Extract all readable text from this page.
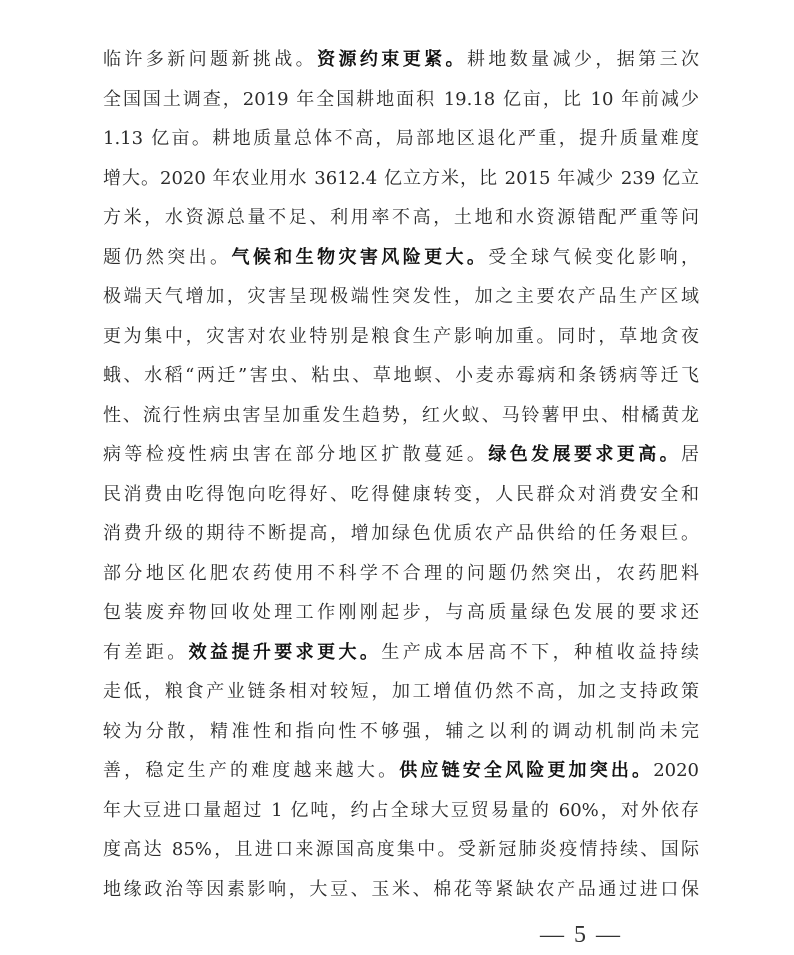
临许多新问题新挑战。资源约束更紧。耕地数量减少，据第三次
全国国土调查，2019 年全国耕地面积 19.18 亿亩，比 10 年前减少
1.13 亿亩。耕地质量总体不高，局部地区退化严重，提升质量难度
增大。2020 年农业用水 3612.4 亿立方米，比 2015 年减少 239 亿立
方米，水资源总量不足、利用率不高，土地和水资源错配严重等问
题仍然突出。气候和生物灾害风险更大。受全球气候变化影响，
极端天气增加，灾害呈现极端性突发性，加之主要农产品生产区域
更为集中，灾害对农业特别是粮食生产影响加重。同时，草地贪夜
蛾、水稻“两迁”害虫、粘虫、草地螟、小麦赤霉病和条锈病等迁飞
性、流行性病虫害呈加重发生趋势，红火蚁、马铃薯甲虫、柑橘黄龙
病等检疫性病虫害在部分地区扩散蔓延。绿色发展要求更高。居
民消费由吃得饱向吃得好、吃得健康转变，人民群众对消费安全和
消费升级的期待不断提高，增加绿色优质农产品供给的任务艰巨。
部分地区化肥农药使用不科学不合理的问题仍然突出，农药肥料
包装废弃物回收处理工作刚刚起步，与高质量绿色发展的要求还
有差距。效益提升要求更大。生产成本居高不下，种植收益持续
走低，粮食产业链条相对较短，加工增值仍然不高，加之支持政策
较为分散，精准性和指向性不够强，辅之以利的调动机制尚未完
善，稳定生产的难度越来越大。供应链安全风险更加突出。2020
年大豆进口量超过 1 亿吨，约占全球大豆贸易量的 60%，对外依存
度高达 85%，且进口来源国高度集中。受新冠肺炎疫情持续、国际
地缘政治等因素影响，大豆、玉米、棉花等紧缺农产品通过进口保
— 5 —
